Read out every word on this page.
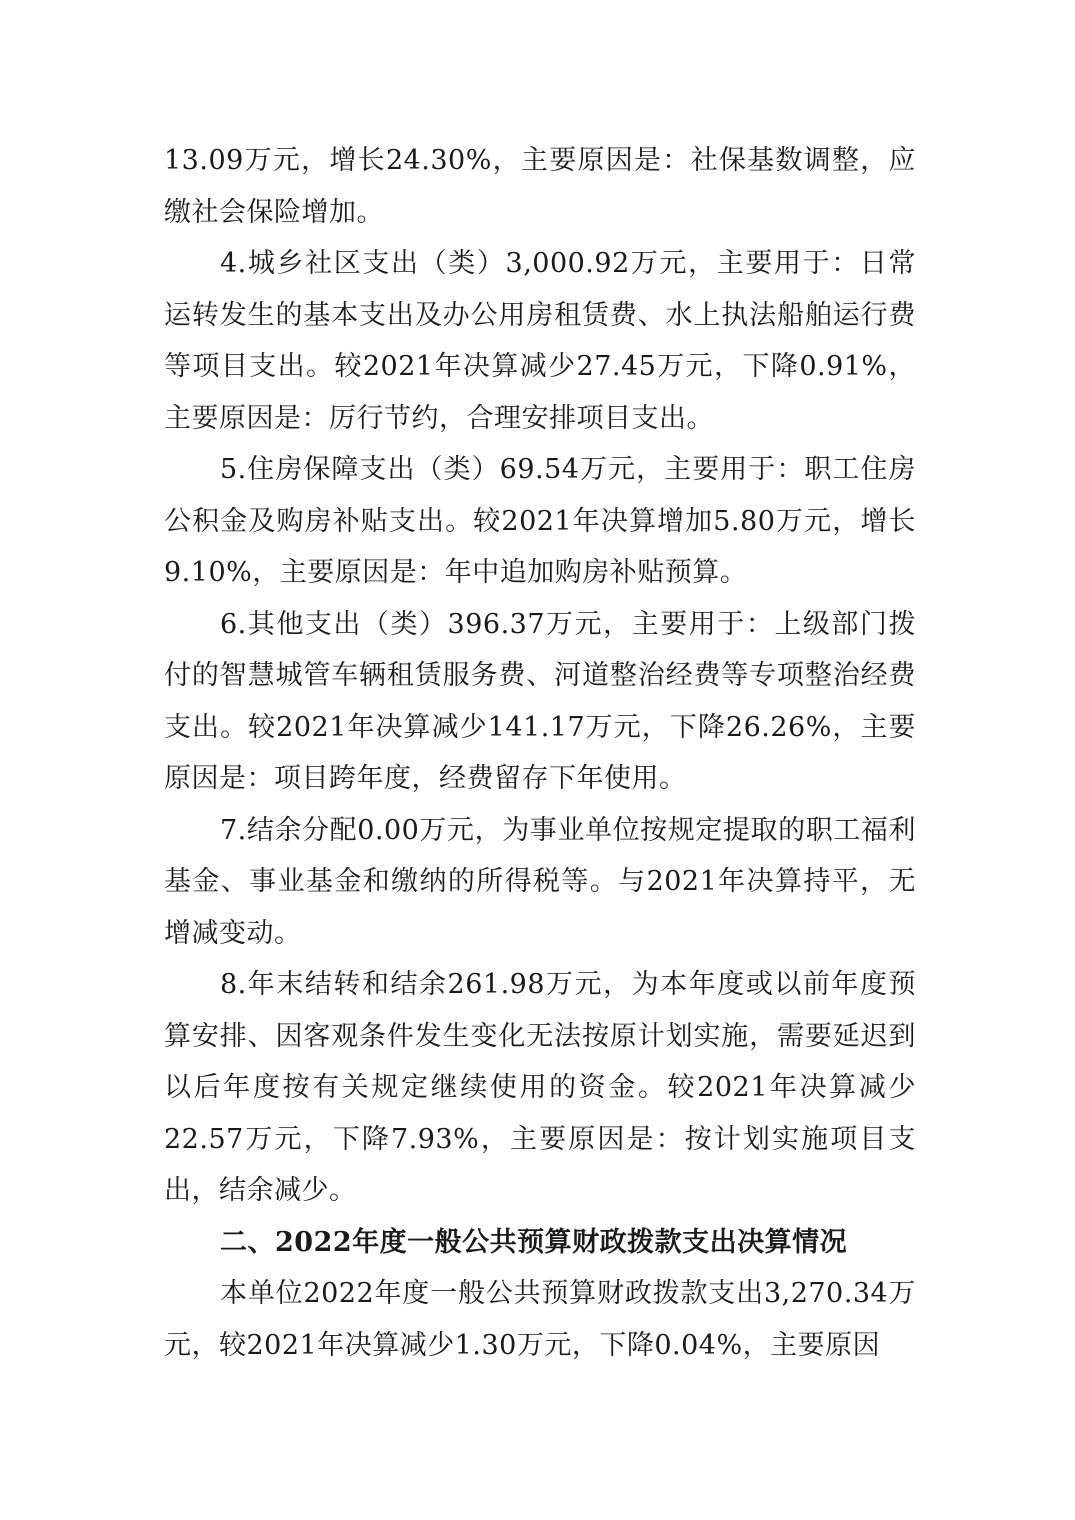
13.09万元，增长24.30%，主要原因是：社保基数调整，应缴社会保险增加。

4.城乡社区支出（类）3,000.92万元，主要用于：日常运转发生的基本支出及办公用房租赁费、水上执法船舶运行费等项目支出。较2021年决算减少27.45万元，下降0.91%，主要原因是：厉行节约，合理安排项目支出。

5.住房保障支出（类）69.54万元，主要用于：职工住房公积金及购房补贴支出。较2021年决算增加5.80万元，增长9.10%，主要原因是：年中追加购房补贴预算。

6.其他支出（类）396.37万元，主要用于：上级部门拨付的智慧城管车辆租赁服务费、河道整治经费等专项整治经费支出。较2021年决算减少141.17万元，下降26.26%，主要原因是：项目跨年度，经费留存下年使用。

7.结余分配0.00万元，为事业单位按规定提取的职工福利基金、事业基金和缴纳的所得税等。与2021年决算持平，无增减变动。

8.年末结转和结余261.98万元，为本年度或以前年度预算安排、因客观条件发生变化无法按原计划实施，需要延迟到以后年度按有关规定继续使用的资金。较2021年决算减少22.57万元，下降7.93%，主要原因是：按计划实施项目支出，结余减少。

二、2022年度一般公共预算财政拨款支出决算情况

本单位2022年度一般公共预算财政拨款支出3,270.34万元，较2021年决算减少1.30万元，下降0.04%，主要原因
